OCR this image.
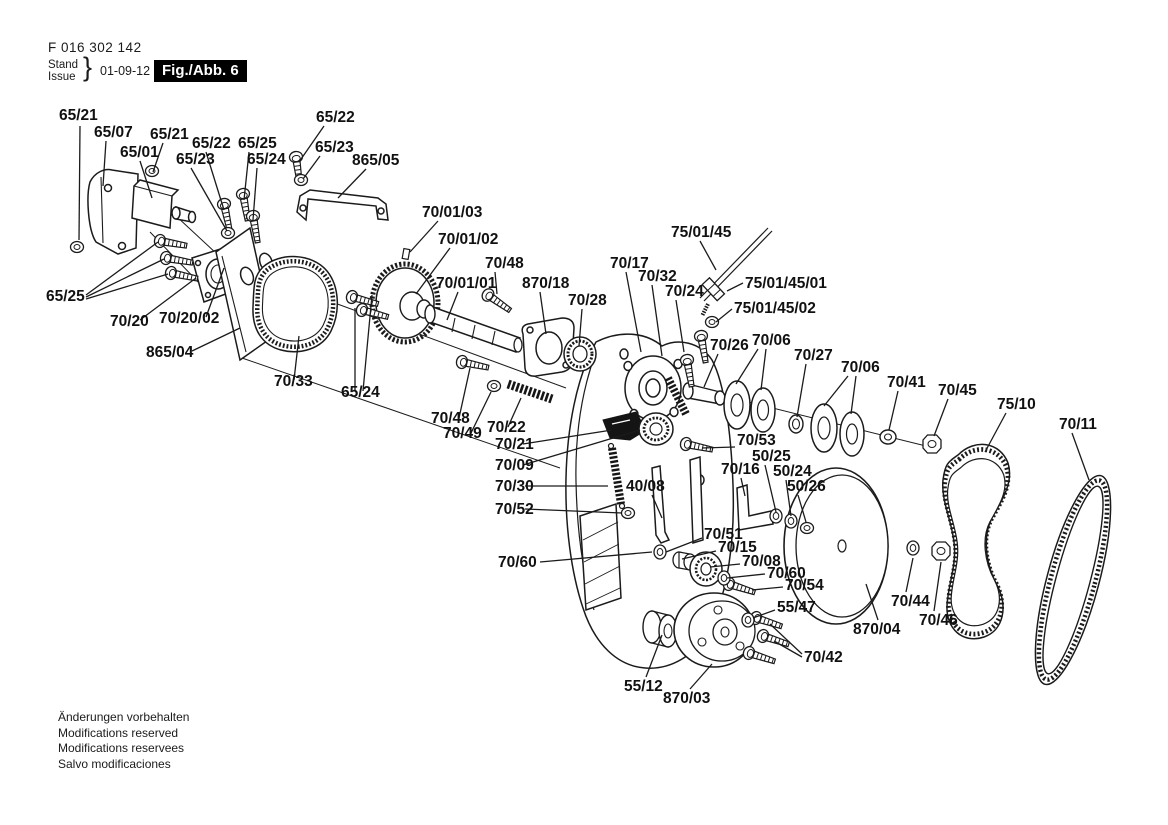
F 016 302 142
Stand
Issue } 01-09-12 Fig./Abb. 6
65/21
65/07 65/21
65/01
65/22
65/23
65/25
65/24
65/22
65/23
865/05
70/01/03
70/01/02
70/48
70/01/01 870/18
70/28
70/17
70/32
70/24
75/01/45
75/01/45/01
75/01/45/02
70/26 70/06
70/27
70/06
70/41 70/45
75/10
70/11
65/25
70/20 70/20/02
865/04
70/33
65/24
70/48
70/49 70/22
70/21
70/09
70/30
70/52
40/08
70/53
50/25
70/16 50/24
50/26
70/60
70/51
70/15
70/08
70/60
70/54
55/47
70/42
55/12
870/03
870/04
70/44
70/46
Änderungen vorbehalten
Modifications reserved
Modifications reservees
Salvo modificaciones
